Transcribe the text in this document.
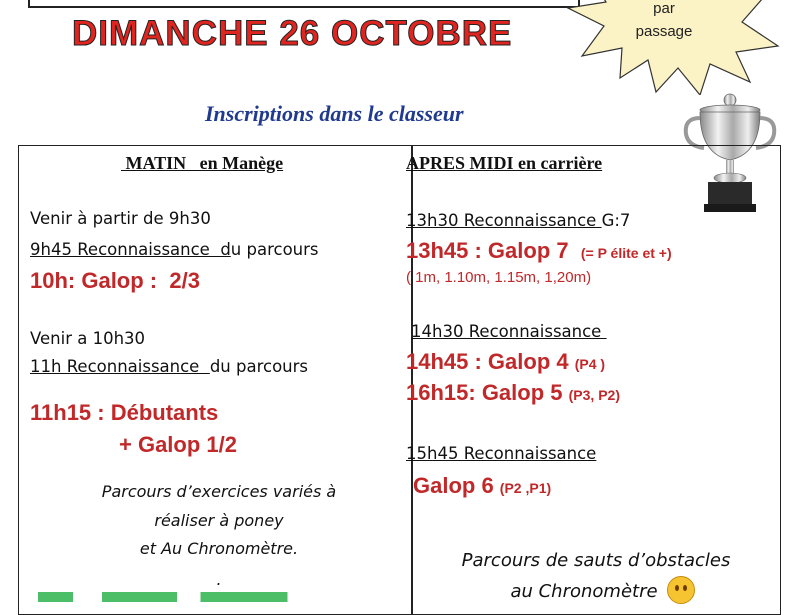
DIMANCHE 26 OCTOBRE
par
passage
Inscriptions dans le classeur
MATIN   en Manège
Venir à partir de 9h30
9h45 Reconnaissance  du parcours
10h: Galop :  2/3
Venir a 10h30
11h Reconnaissance  du parcours
11h15 : Débutants
+ Galop 1/2
Parcours d’exercices variés à
réaliser à poney
et Au Chronomètre.
.
APRES MIDI en carrière
13h30 Reconnaissance G:7
13h45 : Galop 7  (= P élite et +)
( 1m, 1.10m, 1.15m, 1,20m)
14h30 Reconnaissance
14h45 : Galop 4 (P4 )
16h15: Galop 5 (P3, P2)
15h45 Reconnaissance
Galop 6 (P2 ,P1)
Parcours de sauts d’obstacles
au Chronomètre
